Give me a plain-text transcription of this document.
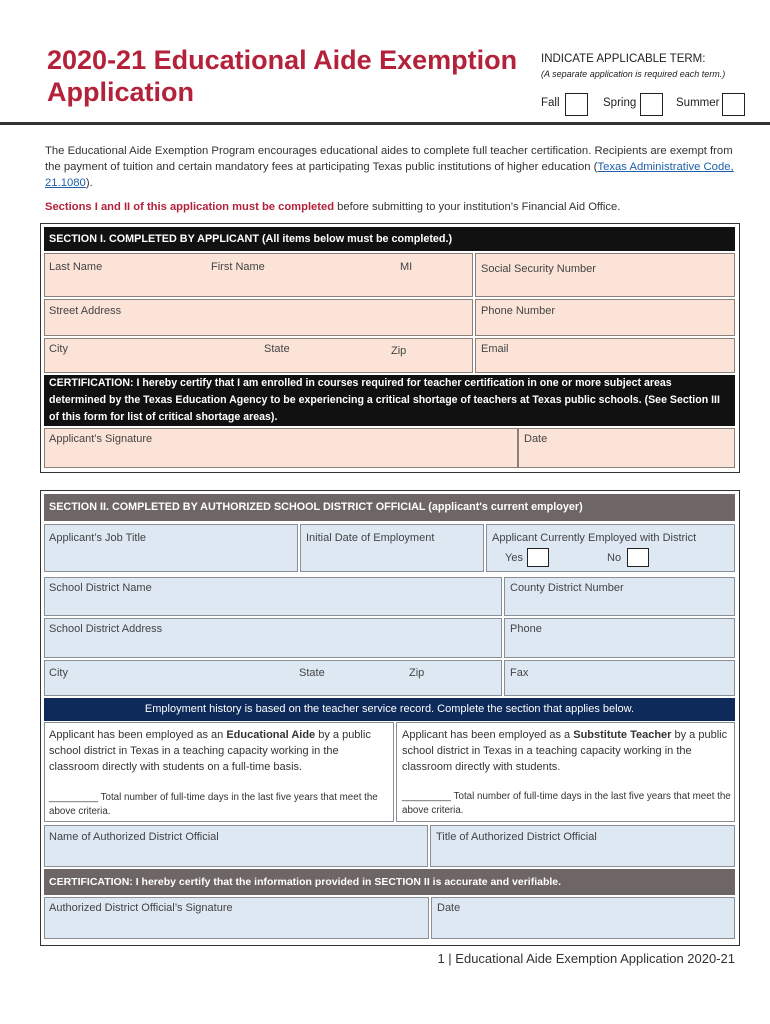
2020-21 Educational Aide Exemption Application
INDICATE APPLICABLE TERM:
(A separate application is required each term.)
Fall	Spring	Summer
The Educational Aide Exemption Program encourages educational aides to complete full teacher certification. Recipients are exempt from the payment of tuition and certain mandatory fees at participating Texas public institutions of higher education (Texas Administrative Code, 21.1080).
Sections I and II of this application must be completed before submitting to your institution’s Financial Aid Office.
SECTION I. COMPLETED BY APPLICANT (All items below must be completed.)
Last Name	First Name	MI	Social Security Number
Street Address	Phone Number
City	State	Zip	Email
CERTIFICATION: I hereby certify that I am enrolled in courses required for teacher certification in one or more subject areas determined by the Texas Education Agency to be experiencing a critical shortage of teachers at Texas public schools. (See Section III of this form for list of critical shortage areas).
Applicant’s Signature	Date
SECTION II. COMPLETED BY AUTHORIZED SCHOOL DISTRICT OFFICIAL (applicant's current employer)
Applicant’s Job Title	Initial Date of Employment	Applicant Currently Employed with District
Yes	No
School District Name	County District Number
School District Address	Phone
City	State	Zip	Fax
Employment history is based on the teacher service record. Complete the section that applies below.
Applicant has been employed as an Educational Aide by a public school district in Texas in a teaching capacity working in the classroom directly with students on a full-time basis.
_________ Total number of full-time days in the last five years that meet the above criteria.
Applicant has been employed as a Substitute Teacher by a public school district in Texas in a teaching capacity working in the classroom directly with students.
_________ Total number of full-time days in the last five years that meet the above criteria.
Name of Authorized District Official	Title of Authorized District Official
CERTIFICATION: I hereby certify that the information provided in SECTION II is accurate and verifiable.
Authorized District Official’s Signature	Date
1 | Educational Aide Exemption Application 2020-21
